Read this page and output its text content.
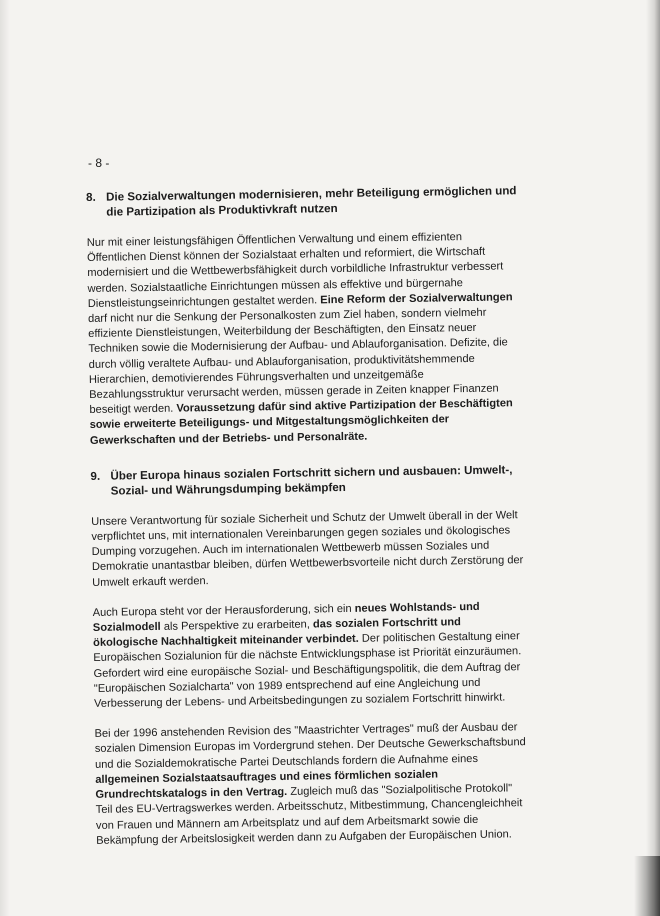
- 8 -
8. Die Sozialverwaltungen modernisieren, mehr Beteiligung ermöglichen und die Partizipation als Produktivkraft nutzen

Nur mit einer leistungsfähigen Öffentlichen Verwaltung und einem effizienten Öffentlichen Dienst können der Sozialstaat erhalten und reformiert, die Wirtschaft modernisiert und die Wettbewerbsfähigkeit durch vorbildliche Infrastruktur verbessert werden. Sozialstaatliche Einrichtungen müssen als effektive und bürgernahe Dienstleistungseinrichtungen gestaltet werden. Eine Reform der Sozialverwaltungen darf nicht nur die Senkung der Personalkosten zum Ziel haben, sondern vielmehr effiziente Dienstleistungen, Weiterbildung der Beschäftigten, den Einsatz neuer Techniken sowie die Modernisierung der Aufbau- und Ablauforganisation. Defizite, die durch völlig veraltete Aufbau- und Ablauforganisation, produktivitätshemmende Hierarchien, demotivierendes Führungsverhalten und unzeitgemäße Bezahlungsstruktur verursacht werden, müssen gerade in Zeiten knapper Finanzen beseitigt werden. Voraussetzung dafür sind aktive Partizipation der Beschäftigten sowie erweiterte Beteiligungs- und Mitgestaltungsmöglichkeiten der Gewerkschaften und der Betriebs- und Personalräte.

9. Über Europa hinaus sozialen Fortschritt sichern und ausbauen: Umwelt-, Sozial- und Währungsdumping bekämpfen

Unsere Verantwortung für soziale Sicherheit und Schutz der Umwelt überall in der Welt verpflichtet uns, mit internationalen Vereinbarungen gegen soziales und ökologisches Dumping vorzugehen. Auch im internationalen Wettbewerb müssen Soziales und Demokratie unantastbar bleiben, dürfen Wettbewerbsvorteile nicht durch Zerstörung der Umwelt erkauft werden.

Auch Europa steht vor der Herausforderung, sich ein neues Wohlstands- und Sozialmodell als Perspektive zu erarbeiten, das sozialen Fortschritt und ökologische Nachhaltigkeit miteinander verbindet. Der politischen Gestaltung einer Europäischen Sozialunion für die nächste Entwicklungsphase ist Priorität einzuräumen. Gefordert wird eine europäische Sozial- und Beschäftigungspolitik, die dem Auftrag der "Europäischen Sozialcharta" von 1989 entsprechend auf eine Angleichung und Verbesserung der Lebens- und Arbeitsbedingungen zu sozialem Fortschritt hinwirkt.

Bei der 1996 anstehenden Revision des "Maastrichter Vertrages" muß der Ausbau der sozialen Dimension Europas im Vordergrund stehen. Der Deutsche Gewerkschaftsbund und die Sozialdemokratische Partei Deutschlands fordern die Aufnahme eines allgemeinen Sozialstaatsauftrages und eines förmlichen sozialen Grundrechtskatalogs in den Vertrag. Zugleich muß das "Sozialpolitische Protokoll" Teil des EU-Vertragswerkes werden. Arbeitsschutz, Mitbestimmung, Chancengleichheit von Frauen und Männern am Arbeitsplatz und auf dem Arbeitsmarkt sowie die Bekämpfung der Arbeitslosigkeit werden dann zu Aufgaben der Europäischen Union.
